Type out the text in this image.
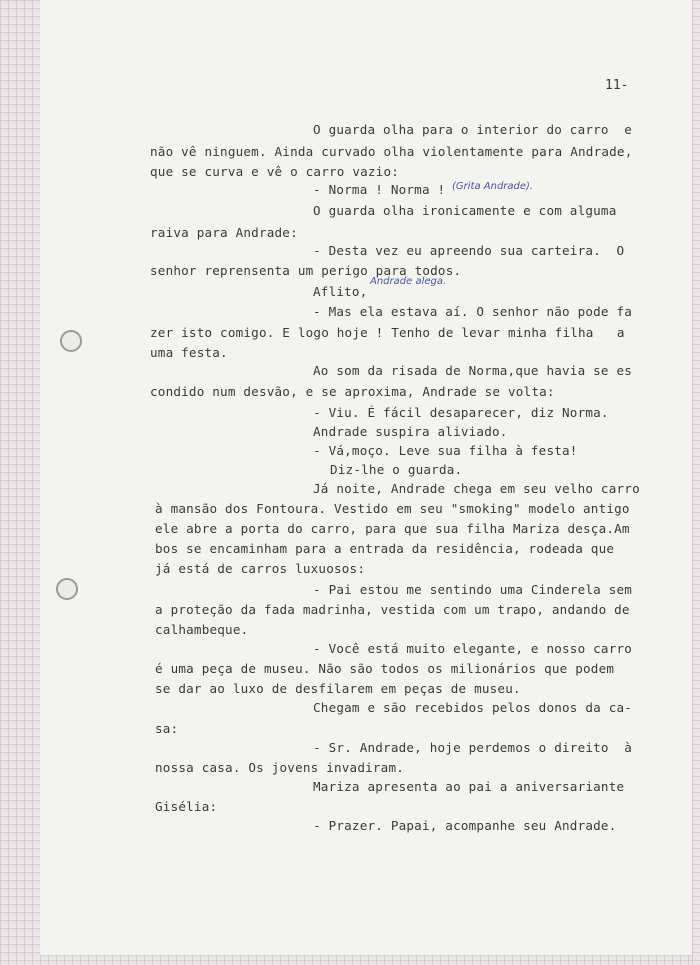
11-
O guarda olha para o interior do carro  e
não vê ninguem. Ainda curvado olha violentamente para Andrade,
que se curva e vê o carro vazio:
- Norma ! Norma ! (Grita Andrade).
O guarda olha ironicamente e com alguma
raiva para Andrade:
- Desta vez eu apreendo sua carteira.  O
senhor reprensenta um perigo para todos.
Aflito,
Andrade alega.
- Mas ela estava aí. O senhor não pode fa
zer isto comigo. E logo hoje ! Tenho de levar minha filha   a
uma festa.
Ao som da risada de Norma,que havia se es
condido num desvão, e se aproxima, Andrade se volta:
- Viu. É fácil desaparecer, diz Norma.
Andrade suspira aliviado.
- Vá,moço. Leve sua filha à festa!
Diz-lhe o guarda.
Já noite, Andrade chega em seu velho carro
à mansão dos Fontoura. Vestido em seu "smoking" modelo antigo
ele abre a porta do carro, para que sua filha Mariza desça.Am
bos se encaminham para a entrada da residência, rodeada que
já está de carros luxuosos:
- Pai estou me sentindo uma Cinderela sem
a proteção da fada madrinha, vestida com um trapo, andando de
calhambeque.
- Você está muito elegante, e nosso carro
é uma peça de museu. Não são todos os milionários que podem
se dar ao luxo de desfilarem em peças de museu.
Chegam e são recebidos pelos donos da ca-
sa:
- Sr. Andrade, hoje perdemos o direito  à
nossa casa. Os jovens invadiram.
Mariza apresenta ao pai a aniversariante
Gisélia:
- Prazer. Papai, acompanhe seu Andrade.
